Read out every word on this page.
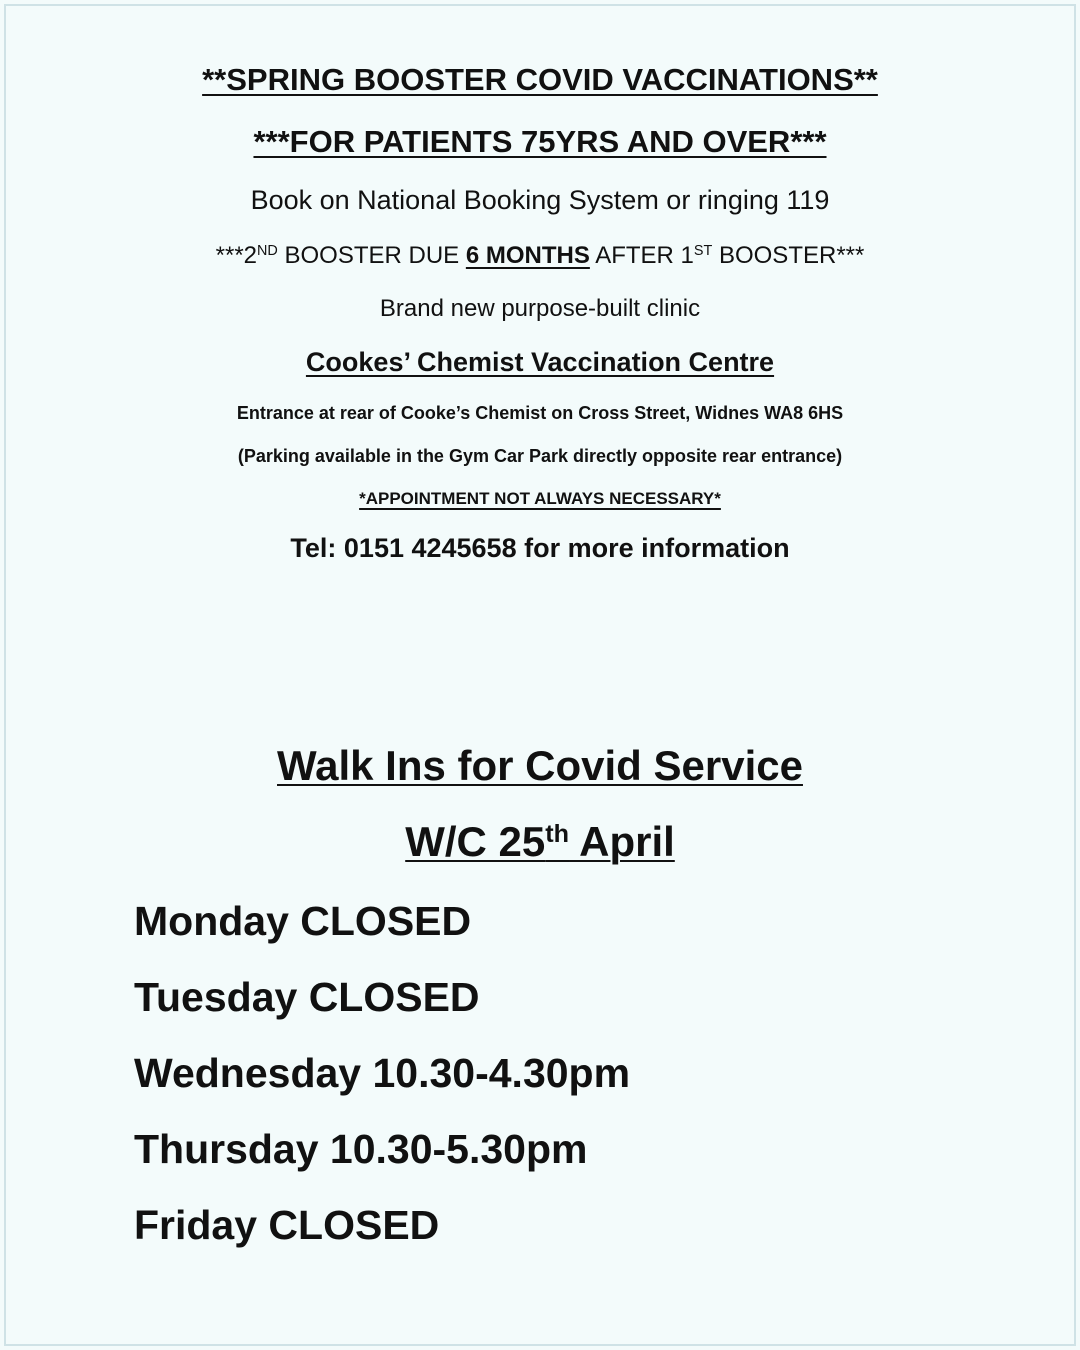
**SPRING BOOSTER COVID VACCINATIONS**
***FOR PATIENTS 75YRS AND OVER***
Book on National Booking System or ringing 119
***2ND BOOSTER DUE 6 MONTHS AFTER 1ST BOOSTER***
Brand new purpose-built clinic
Cookes’ Chemist Vaccination Centre
Entrance at rear of Cooke’s Chemist on Cross Street, Widnes WA8 6HS
(Parking available in the Gym Car Park directly opposite rear entrance)
*APPOINTMENT NOT ALWAYS NECESSARY*
Tel: 0151 4245658 for more information
Walk Ins for Covid Service
W/C 25th April
Monday CLOSED
Tuesday CLOSED
Wednesday 10.30-4.30pm
Thursday 10.30-5.30pm
Friday CLOSED
